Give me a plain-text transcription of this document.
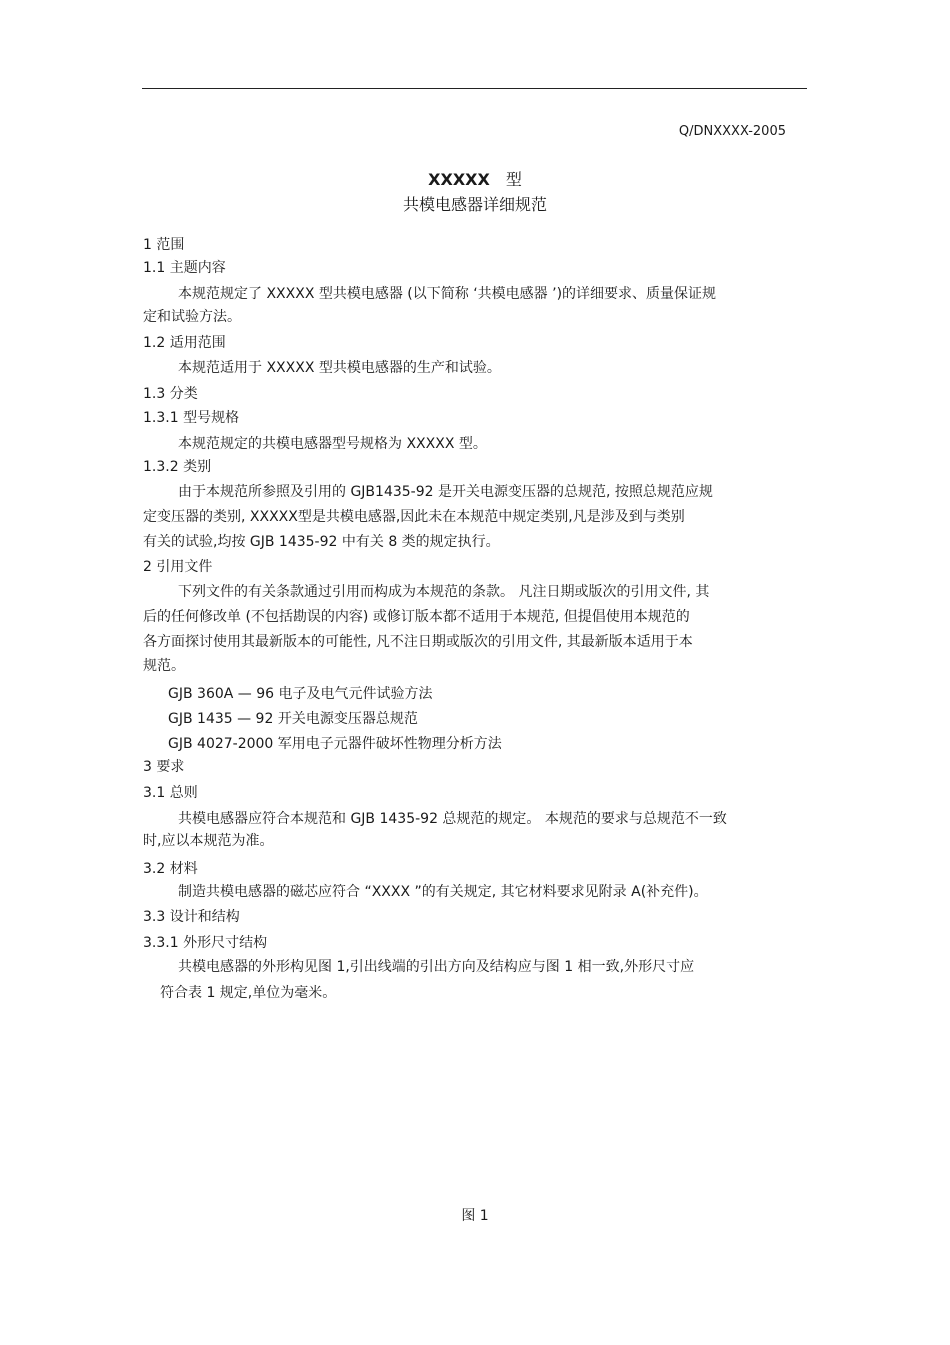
Q/DNXXXX-2005
XXXXX 型
共模电感器详细规范
1 范围
1.1 主题内容
本规范规定了 XXXXX 型共模电感器 (以下简称 ‘共模电感器 ’)的详细要求、质量保证规
定和试验方法。
1.2 适用范围
本规范适用于 XXXXX 型共模电感器的生产和试验。
1.3 分类
1.3.1 型号规格
本规范规定的共模电感器型号规格为 XXXXX 型。
1.3.2 类别
由于本规范所参照及引用的 GJB1435-92 是开关电源变压器的总规范, 按照总规范应规
定变压器的类别, XXXXX型是共模电感器,因此未在本规范中规定类别,凡是涉及到与类别
有关的试验,均按 GJB 1435-92 中有关 8 类的规定执行。
2 引用文件
下列文件的有关条款通过引用而构成为本规范的条款。 凡注日期或版次的引用文件, 其
后的任何修改单 (不包括勘误的内容) 或修订版本都不适用于本规范, 但提倡使用本规范的
各方面探讨使用其最新版本的可能性, 凡不注日期或版次的引用文件, 其最新版本适用于本
规范。
GJB 360A — 96 电子及电气元件试验方法
GJB 1435 — 92 开关电源变压器总规范
GJB 4027-2000 军用电子元器件破坏性物理分析方法
3 要求
3.1 总则
共模电感器应符合本规范和 GJB 1435-92 总规范的规定。 本规范的要求与总规范不一致
时,应以本规范为准。
3.2 材料
制造共模电感器的磁芯应符合 “XXXX ”的有关规定, 其它材料要求见附录 A(补充件)。
3.3 设计和结构
3.3.1 外形尺寸结构
共模电感器的外形构见图 1,引出线端的引出方向及结构应与图 1 相一致,外形尺寸应
符合表 1 规定,单位为毫米。
图 1
